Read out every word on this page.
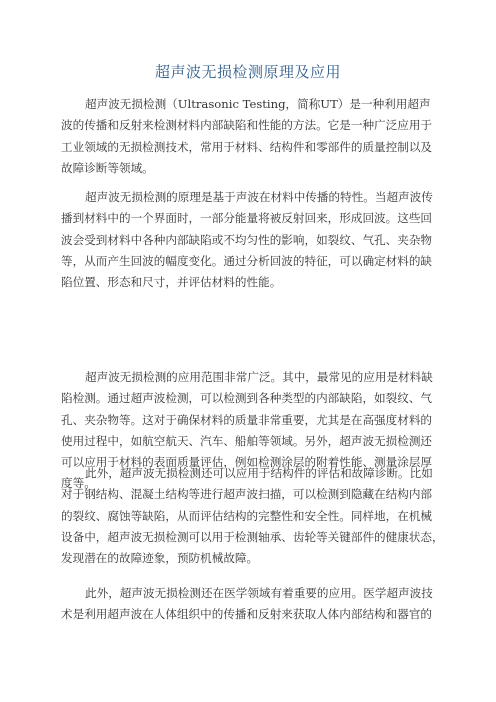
超声波无损检测原理及应用

超声波无损检测（Ultrasonic Testing，简称UT）是一种利用超声
波的传播和反射来检测材料内部缺陷和性能的方法。它是一种广泛应用于
工业领域的无损检测技术，常用于材料、结构件和零部件的质量控制以及
故障诊断等领域。

超声波无损检测的原理是基于声波在材料中传播的特性。当超声波传
播到材料中的一个界面时，一部分能量将被反射回来，形成回波。这些回
波会受到材料中各种内部缺陷或不均匀性的影响，如裂纹、气孔、夹杂物
等，从而产生回波的幅度变化。通过分析回波的特征，可以确定材料的缺
陷位置、形态和尺寸，并评估材料的性能。

超声波无损检测的应用范围非常广泛。其中，最常见的应用是材料缺
陷检测。通过超声波检测，可以检测到各种类型的内部缺陷，如裂纹、气
孔、夹杂物等。这对于确保材料的质量非常重要，尤其是在高强度材料的
使用过程中，如航空航天、汽车、船舶等领域。另外，超声波无损检测还
可以应用于材料的表面质量评估，例如检测涂层的附着性能、测量涂层厚
度等。

此外，超声波无损检测还可以应用于结构件的评估和故障诊断。比如
对于钢结构、混凝土结构等进行超声波扫描，可以检测到隐藏在结构内部
的裂纹、腐蚀等缺陷，从而评估结构的完整性和安全性。同样地，在机械
设备中，超声波无损检测可以用于检测轴承、齿轮等关键部件的健康状态，
发现潜在的故障迹象，预防机械故障。

此外，超声波无损检测还在医学领域有着重要的应用。医学超声波技
术是利用超声波在人体组织中的传播和反射来获取人体内部结构和器官的
